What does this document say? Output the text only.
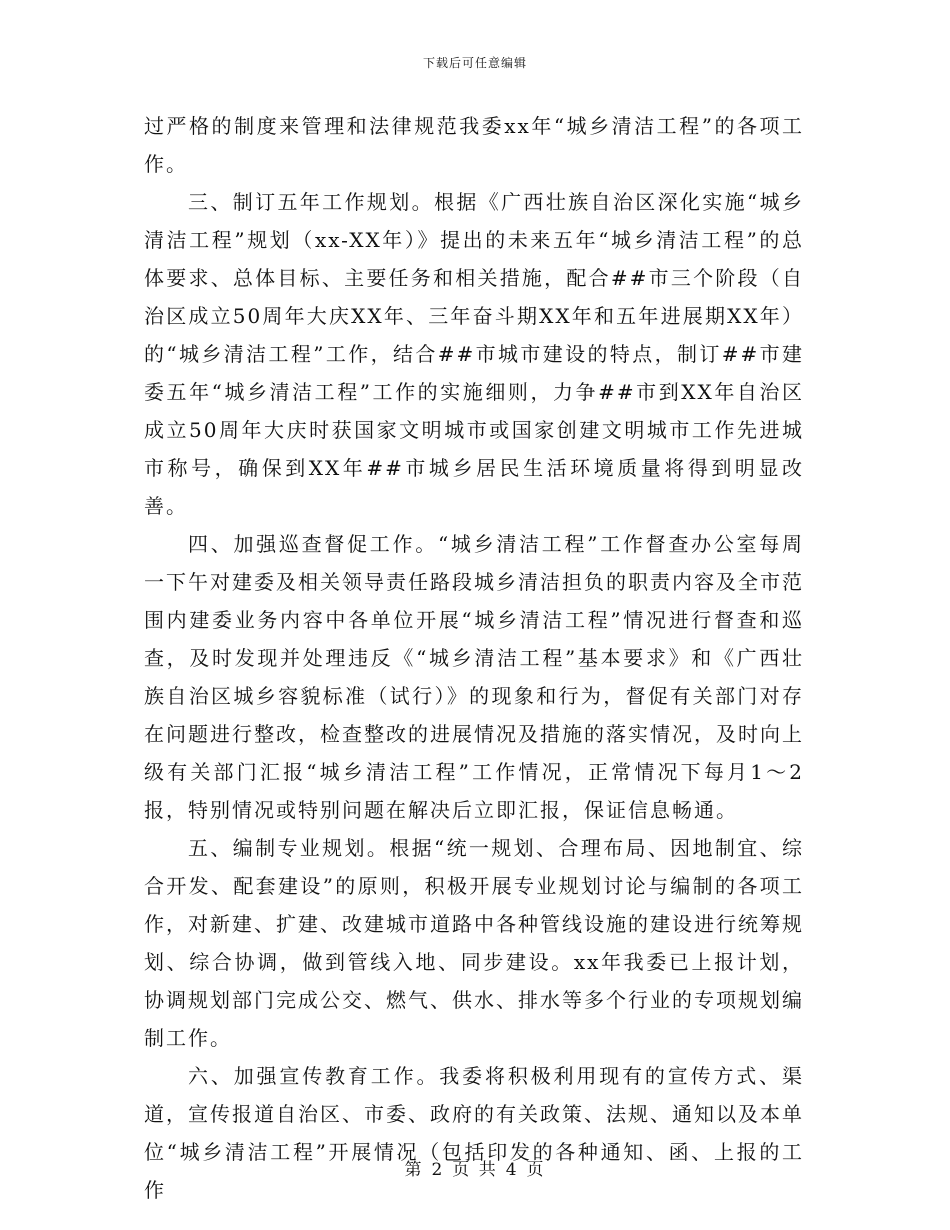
下载后可任意编辑

过严格的制度来管理和法律规范我委xx年“城乡清洁工程”的各项工作。

三、制订五年工作规划。根据《广西壮族自治区深化实施“城乡清洁工程”规划（xx-XX年）》提出的未来五年“城乡清洁工程”的总体要求、总体目标、主要任务和相关措施，配合##市三个阶段（自治区成立50周年大庆XX年、三年奋斗期XX年和五年进展期XX年）的“城乡清洁工程”工作，结合##市城市建设的特点，制订##市建委五年“城乡清洁工程”工作的实施细则，力争##市到XX年自治区成立50周年大庆时获国家文明城市或国家创建文明城市工作先进城市称号，确保到XX年##市城乡居民生活环境质量将得到明显改善。

四、加强巡查督促工作。“城乡清洁工程”工作督查办公室每周一下午对建委及相关领导责任路段城乡清洁担负的职责内容及全市范围内建委业务内容中各单位开展“城乡清洁工程”情况进行督查和巡查，及时发现并处理违反《“城乡清洁工程”基本要求》和《广西壮族自治区城乡容貌标准（试行）》的现象和行为，督促有关部门对存在问题进行整改，检查整改的进展情况及措施的落实情况，及时向上级有关部门汇报“城乡清洁工程”工作情况，正常情况下每月1～2报，特别情况或特别问题在解决后立即汇报，保证信息畅通。

五、编制专业规划。根据“统一规划、合理布局、因地制宜、综合开发、配套建设”的原则，积极开展专业规划讨论与编制的各项工作，对新建、扩建、改建城市道路中各种管线设施的建设进行统筹规划、综合协调，做到管线入地、同步建设。xx年我委已上报计划，协调规划部门完成公交、燃气、供水、排水等多个行业的专项规划编制工作。

六、加强宣传教育工作。我委将积极利用现有的宣传方式、渠道，宣传报道自治区、市委、政府的有关政策、法规、通知以及本单位“城乡清洁工程”开展情况（包括印发的各种通知、函、上报的工作

第 2 页 共 4 页
